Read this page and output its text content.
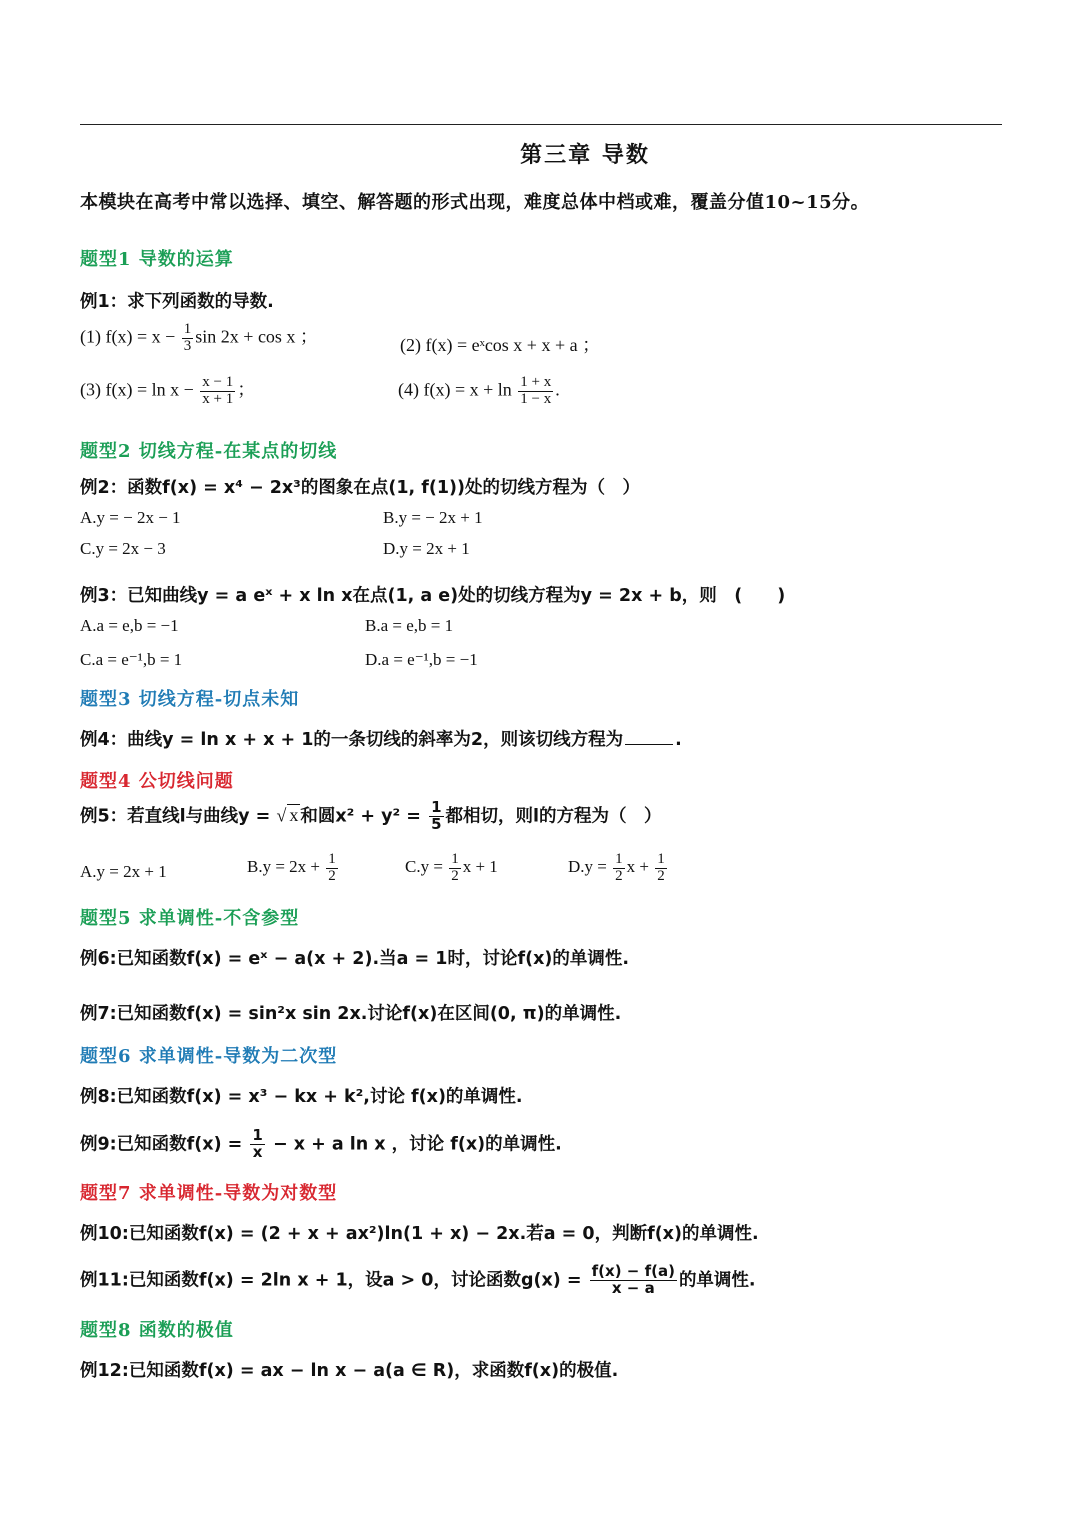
第三章 导数
本模块在高考中常以选择、填空、解答题的形式出现，难度总体中档或难，覆盖分值10~15分。
题型1 导数的运算
例1：求下列函数的导数.
(1) $f(x) = x - \frac{1}{3}$ sin 2x + cos x ；	(2) f(x) = eˣcos x + x + a ；
(3) $f(x) = \ln x - \frac{x - 1}{x + 1}$ ；	(4) $f(x) = x + \ln \frac{1 + x}{1 - x}$ .
题型2 切线方程-在某点的切线
例2：函数f(x) = x⁴ − 2x³的图象在点(1, f(1))处的切线方程为（　）
A.y = − 2x − 1	B.y = − 2x + 1
C.y = 2x − 3	D.y = 2x + 1
例3：已知曲线y = a eˣ + x ln x在点(1, a e)处的切线方程为y = 2x + b，则　(　　)
A.a = e,b = −1	B.a = e,b = 1
C.a = e⁻¹,b = 1	D.a = e⁻¹,b = −1
题型3 切线方程-切点未知
例4：曲线y = ln x + x + 1的一条切线的斜率为2，则该切线方程为	.
题型4 公切线问题
例5：若直线l与曲线y = √ x 和圆$x^2 + y^2 = \frac{1}{5}$ 都相切，则l的方程为（　）
A.y = 2x + 1	$B.y = 2x + \frac{1}{2}$	$C.y = \frac{1}{2}$ x + 1	$D.y = \frac{1}{2}$ $x + \frac{1}{2}$
题型5 求单调性-不含参型
例6:已知函数f(x) = eˣ − a(x + 2).当a = 1时，讨论f(x)的单调性.
例7:已知函数f(x) = sin²x sin 2x.讨论f(x)在区间(0, π)的单调性.
题型6 求单调性-导数为二次型
例8:已知函数f(x) = x³ − kx + k²,讨论 f(x)的单调性.
例9:已知函数$f(x) = \frac{1}{x} - x + a$ ln x ，讨论 f(x)的单调性.
题型7 求单调性-导数为对数型
例10:已知函数f(x) = (2 + x + ax²)ln(1 + x) − 2x.若a = 0，判断f(x)的单调性.
例11:已知函数f(x) = 2ln x + 1，设a > 0，讨论函数$g(x) = \frac{f(x) - f(a)}{x - a}$ 的单调性.
题型8 函数的极值
例12:已知函数f(x) = ax − ln x − a(a ∈ R)，求函数f(x)的极值.
